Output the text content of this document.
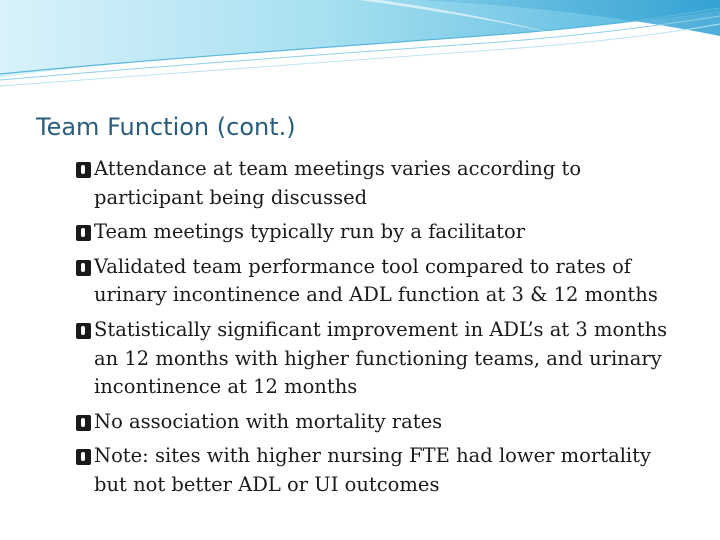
Team Function (cont.)
Attendance at team meetings varies according to participant being discussed
Team meetings typically run by a facilitator
Validated team performance tool compared to rates of urinary incontinence and ADL function at 3 & 12 months
Statistically significant improvement in ADL’s at 3 months an 12 months with higher functioning teams, and urinary incontinence at 12 months
No association with mortality rates
Note: sites with higher nursing FTE had lower mortality but not better ADL or UI outcomes
